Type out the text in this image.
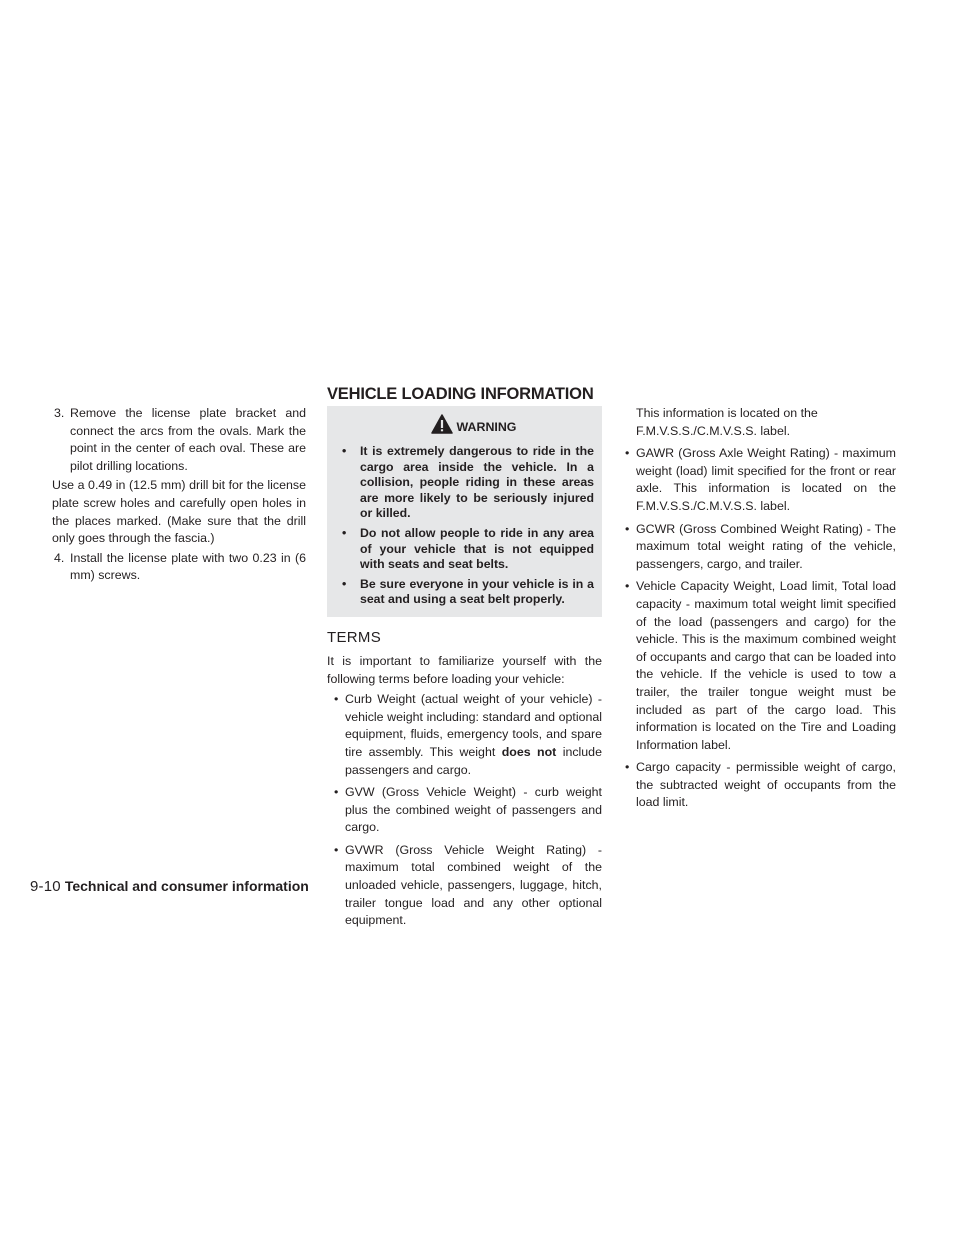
3. Remove the license plate bracket and connect the arcs from the ovals. Mark the point in the center of each oval. These are pilot drilling locations.

Use a 0.49 in (12.5 mm) drill bit for the license plate screw holes and carefully open holes in the places marked. (Make sure that the drill only goes through the fascia.)

4. Install the license plate with two 0.23 in (6 mm) screws.

VEHICLE LOADING INFORMATION
WARNING

• It is extremely dangerous to ride in the cargo area inside the vehicle. In a collision, people riding in these areas are more likely to be seriously injured or killed.

• Do not allow people to ride in any area of your vehicle that is not equipped with seats and seat belts.

• Be sure everyone in your vehicle is in a seat and using a seat belt properly.

TERMS

It is important to familiarize yourself with the following terms before loading your vehicle:

• Curb Weight (actual weight of your vehicle) - vehicle weight including: standard and optional equipment, fluids, emergency tools, and spare tire assembly. This weight does not include passengers and cargo.

• GVW (Gross Vehicle Weight) - curb weight plus the combined weight of passengers and cargo.

• GVWR (Gross Vehicle Weight Rating) - maximum total combined weight of the unloaded vehicle, passengers, luggage, hitch, trailer tongue load and any other optional equipment.

This information is located on the F.M.V.S.S./C.M.V.S.S. label.

• GAWR (Gross Axle Weight Rating) - maximum weight (load) limit specified for the front or rear axle. This information is located on the F.M.V.S.S./C.M.V.S.S. label.

• GCWR (Gross Combined Weight Rating) - The maximum total weight rating of the vehicle, passengers, cargo, and trailer.

• Vehicle Capacity Weight, Load limit, Total load capacity - maximum total weight limit specified of the load (passengers and cargo) for the vehicle. This is the maximum combined weight of occupants and cargo that can be loaded into the vehicle. If the vehicle is used to tow a trailer, the trailer tongue weight must be included as part of the cargo load. This information is located on the Tire and Loading Information label.

• Cargo capacity - permissible weight of cargo, the subtracted weight of occupants from the load limit.

9-10 Technical and consumer information
